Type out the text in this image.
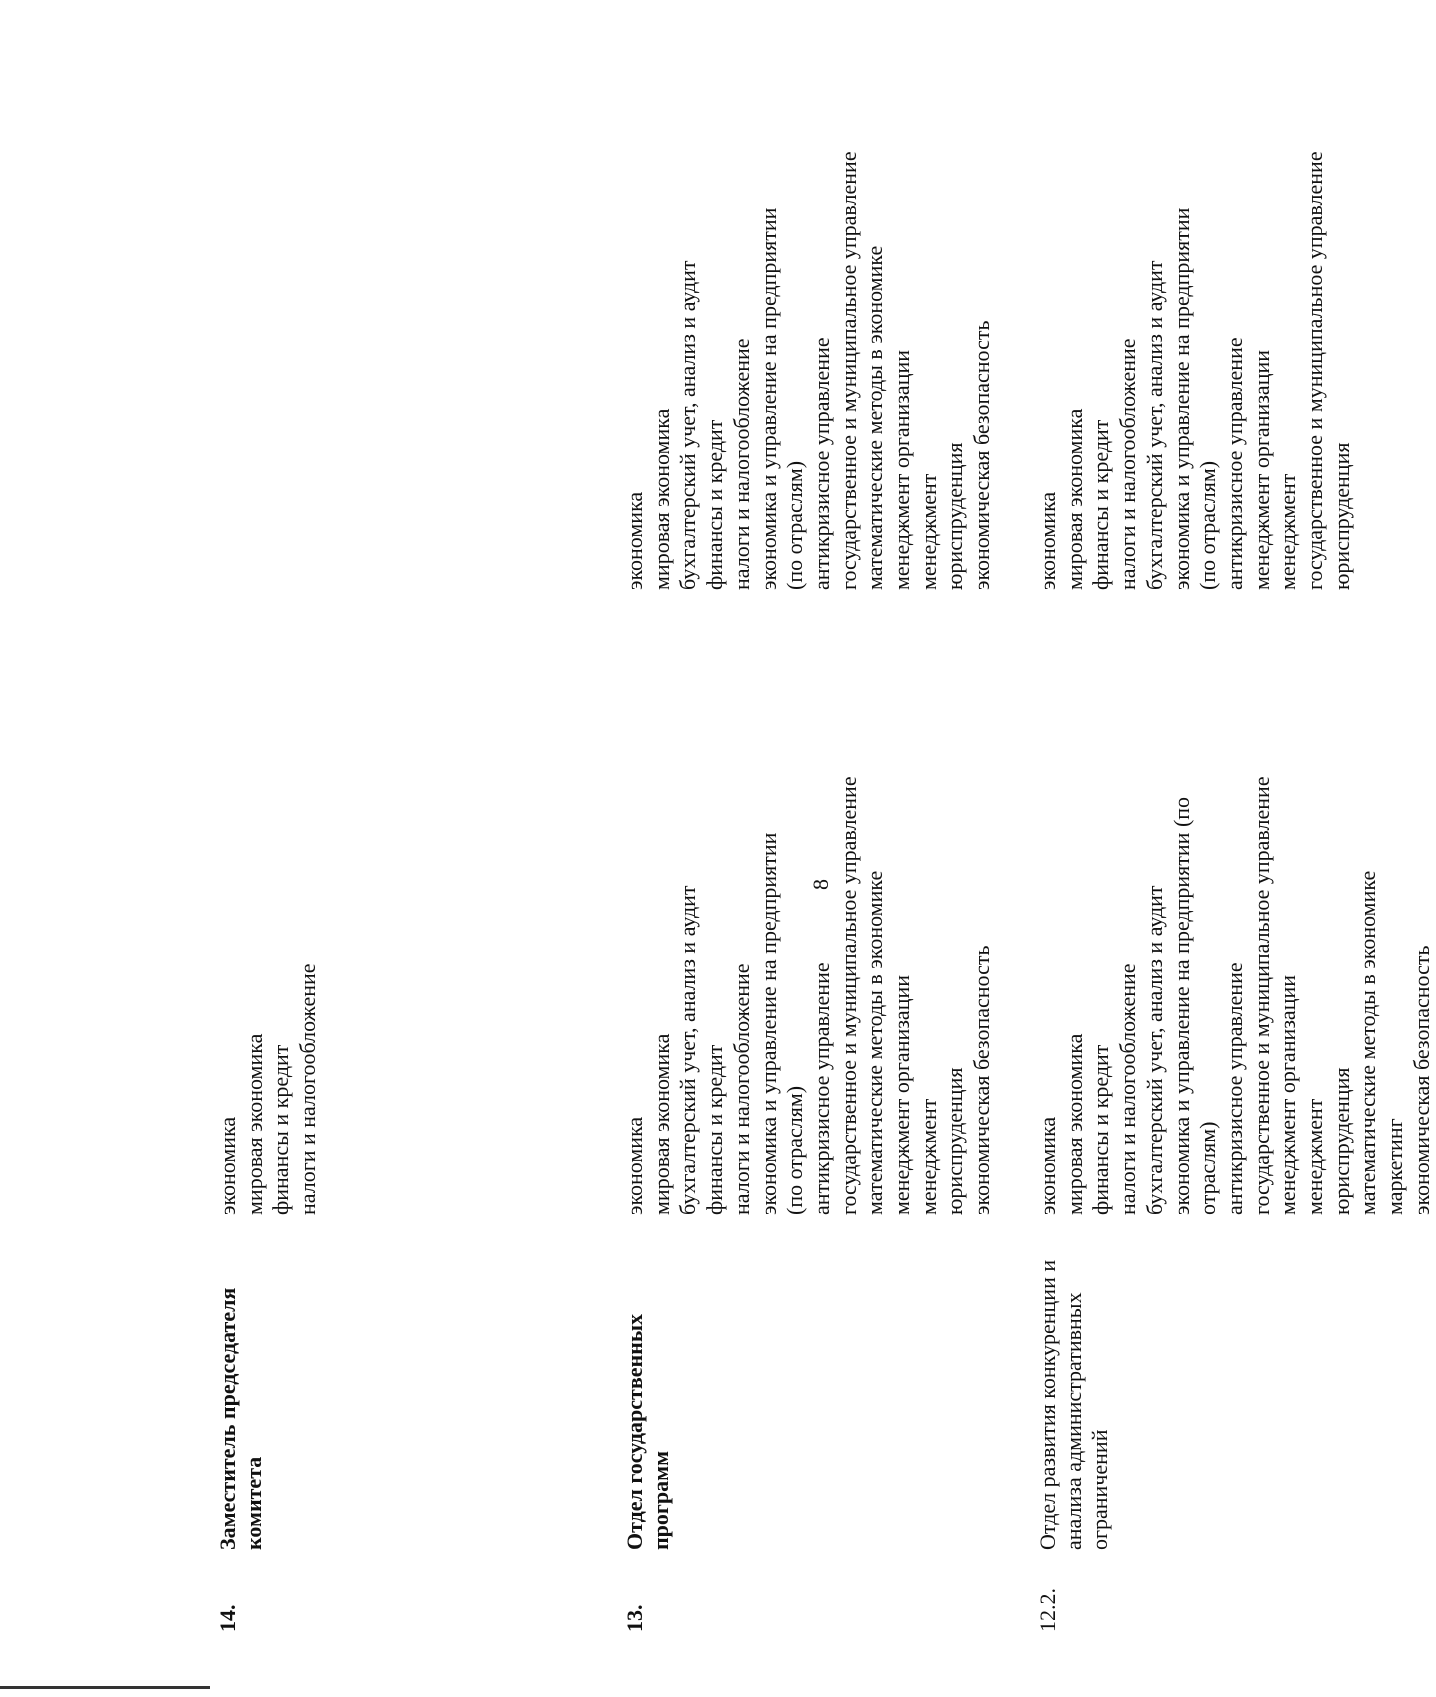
8
12.2.
Отдел развития конкуренции и анализа административных ограничений
экономика мировая экономика финансы и кредит налоги и налогообложение бухгалтерский учет, анализ и аудит экономика и управление на предприятии (по отраслям) антикризисное управление государственное и муниципальное управление менеджмент организации менеджмент юриспруденция математические методы в экономике маркетинг экономическая безопасность
экономика мировая экономика финансы и кредит налоги и налогообложение бухгалтерский учет, анализ и аудит экономика и управление на предприятии (по отраслям) антикризисное управление менеджмент организации менеджмент государственное и муниципальное управление юриспруденция
13.
Отдел государственных программ
экономика мировая экономика бухгалтерский учет, анализ и аудит финансы и кредит налоги и налогообложение экономика и управление на предприятии (по отраслям) антикризисное управление государственное и муниципальное управление математические методы в экономике менеджмент организации менеджмент юриспруденция экономическая безопасность
экономика мировая экономика бухгалтерский учет, анализ и аудит финансы и кредит налоги и налогообложение экономика и управление на предприятии (по отраслям) антикризисное управление государственное и муниципальное управление математические методы в экономике менеджмент организации менеджмент юриспруденция экономическая безопасность
14.
Заместитель председателя комитета
экономика мировая экономика финансы и кредит налоги и налогообложение
